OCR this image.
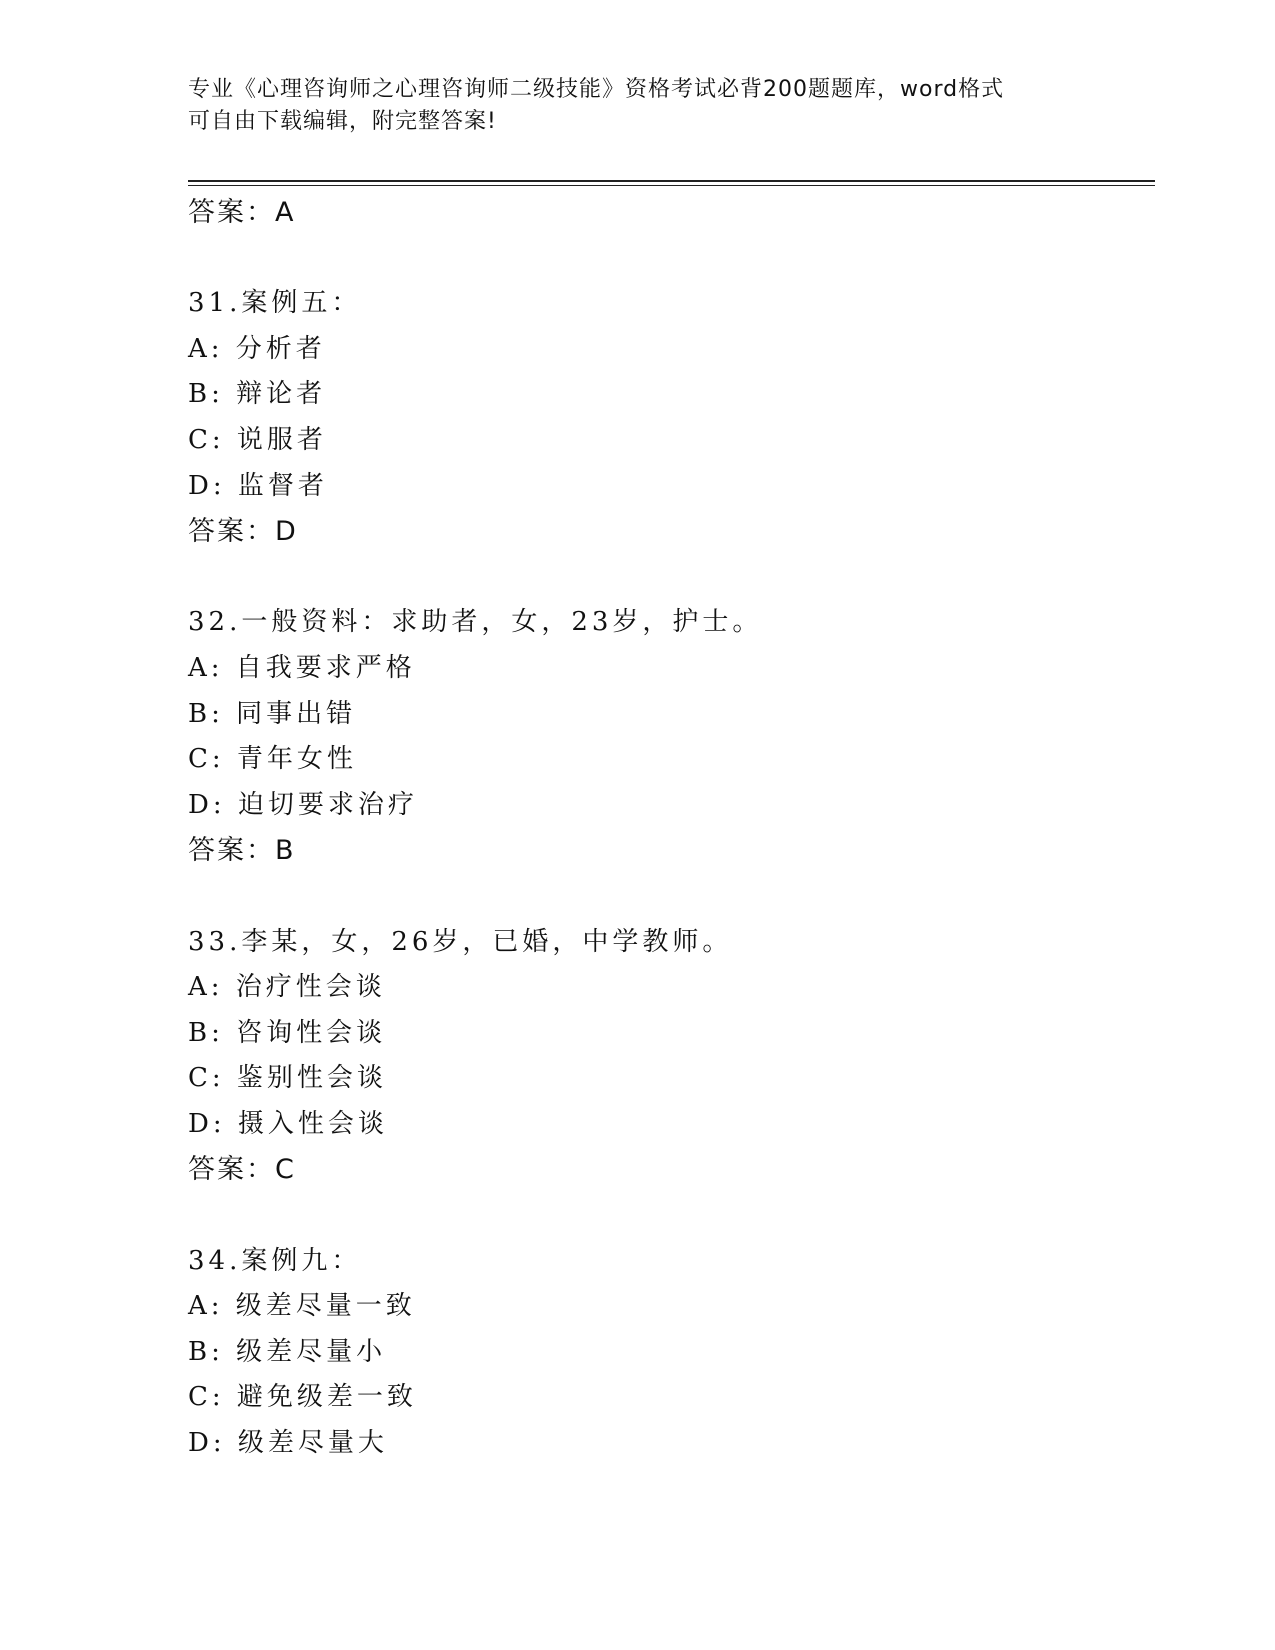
专业《心理咨询师之心理咨询师二级技能》资格考试必背200题题库，word格式
可自由下载编辑，附完整答案!
答案：A
31.案例五：
A: 分析者
B: 辩论者
C: 说服者
D: 监督者
答案：D
32.一般资料：求助者，女，23岁，护士。
A: 自我要求严格
B: 同事出错
C: 青年女性
D: 迫切要求治疗
答案：B
33.李某，女，26岁，已婚，中学教师。
A: 治疗性会谈
B: 咨询性会谈
C: 鉴别性会谈
D: 摄入性会谈
答案：C
34.案例九：
A: 级差尽量一致
B: 级差尽量小
C: 避免级差一致
D: 级差尽量大
